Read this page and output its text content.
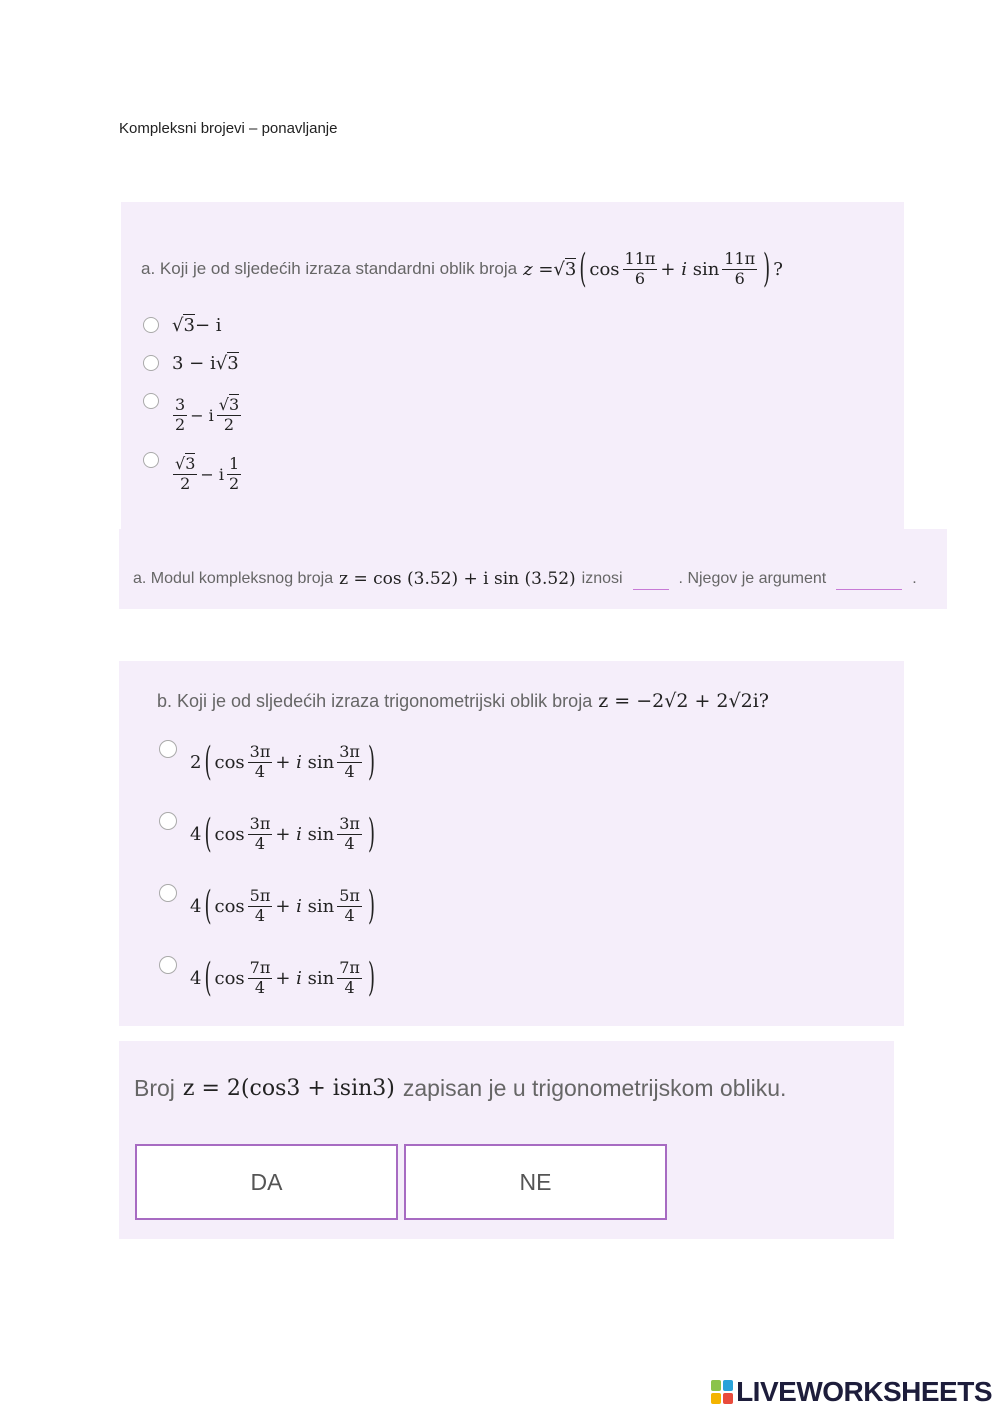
Kompleksni brojevi – ponavljanje
a. Koji je od sljedećih izraza standardni oblik broja z = √3 ( $\cos \frac{11\pi}{6} + i$ $\sin \frac{11\pi}{6}$ ) ?
√3 − i
3 − i √3
$\frac{3}{2} - i \frac{√3}{2}$
$\frac{√3}{2} - i \frac{1}{2}$
a. Modul kompleksnog broja z = cos (3.52) + i sin (3.52) iznosi	. Njegov je argument	.
b. Koji je od sljedećih izraza trigonometrijski oblik broja z = −2√2 + 2√2i?
2 ( $\cos \frac{3\pi}{4} + i$ $\sin \frac{3\pi}{4}$ )
4 ( $\cos \frac{3\pi}{4} + i$ $\sin \frac{3\pi}{4}$ )
4 ( $\cos \frac{5\pi}{4} + i$ $\sin \frac{5\pi}{4}$ )
4 ( $\cos \frac{7\pi}{4} + i$ $\sin \frac{7\pi}{4}$ )
Broj z = 2(cos3 + isin3) zapisan je u trigonometrijskom obliku.
DA	NE
LIVEWORKSHEETS
